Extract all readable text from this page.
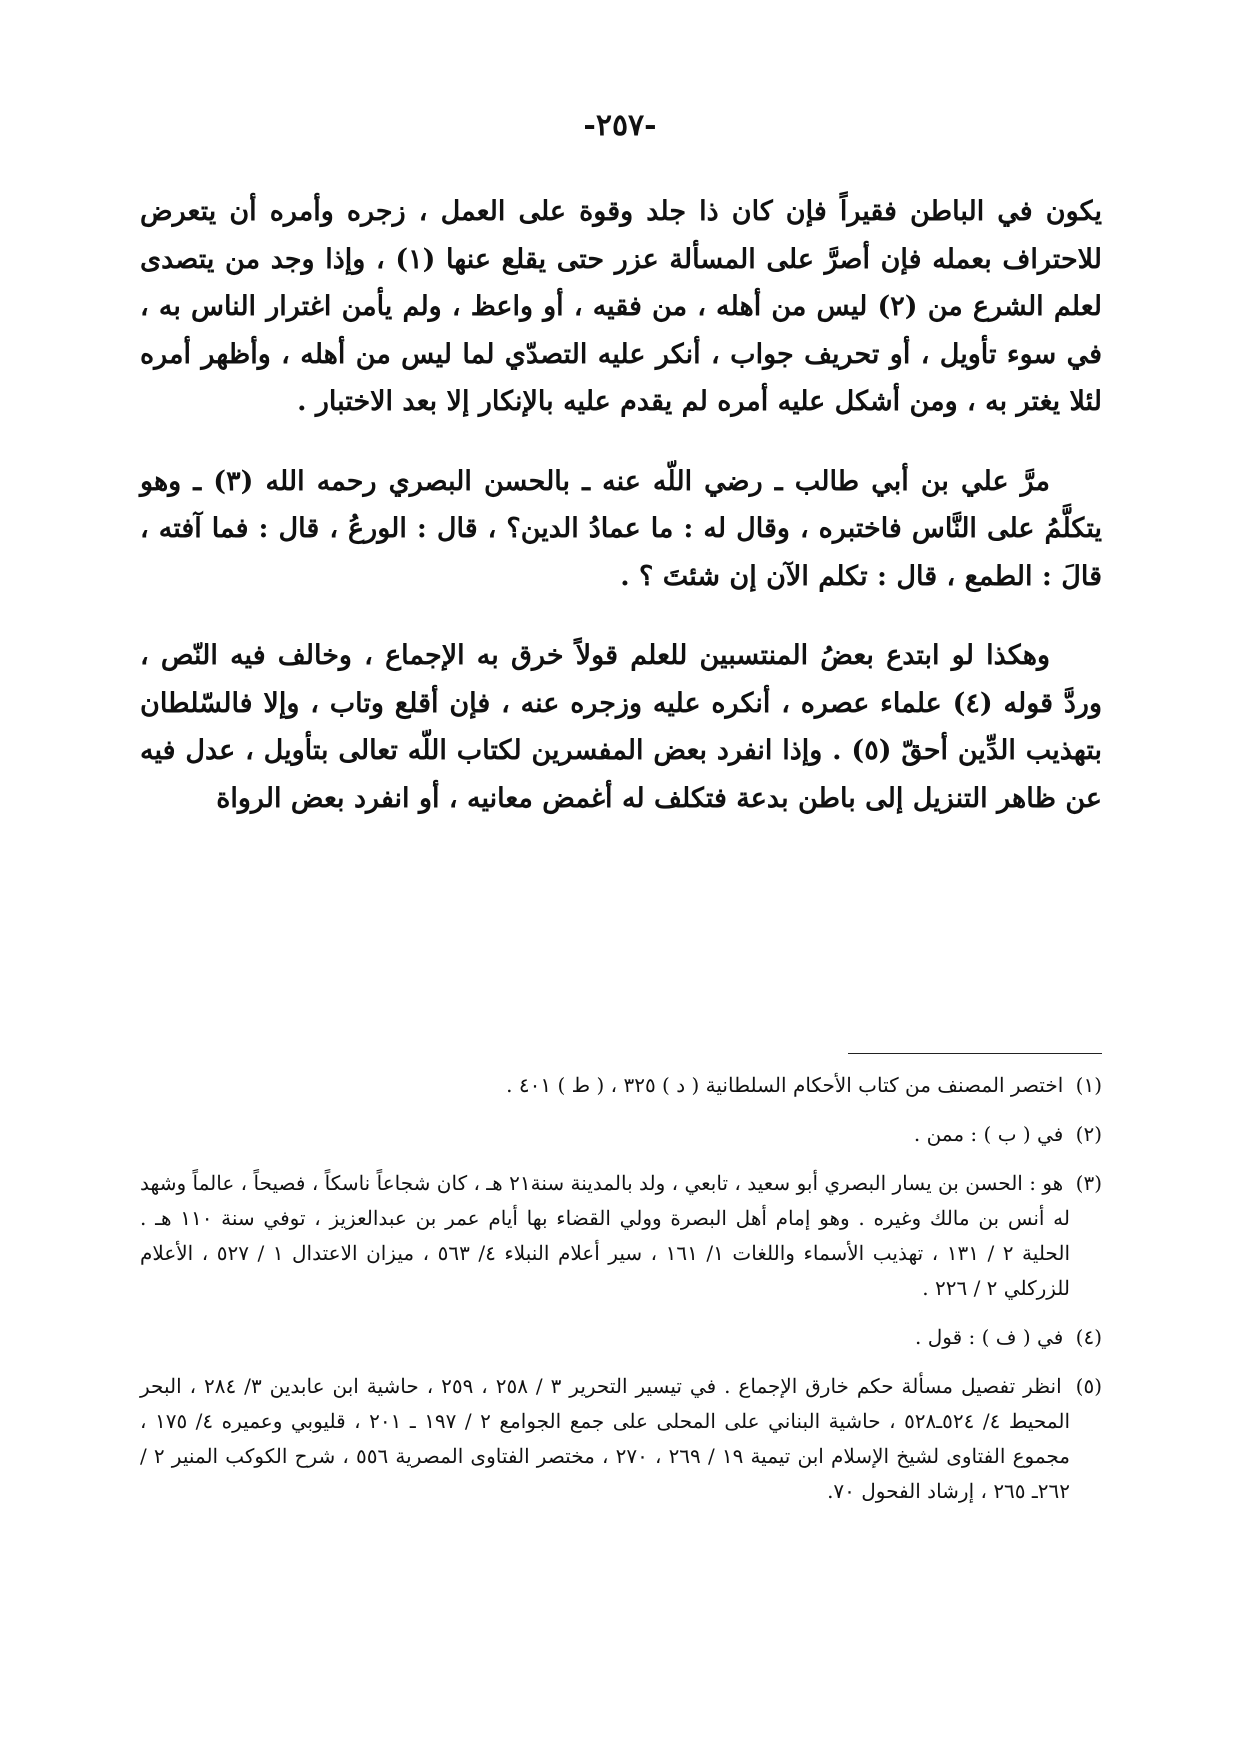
-٢٥٧-

يكون في الباطن فقيراً فإن كان ذا جلد وقوة على العمل ، زجره وأمره أن يتعرض للاحتراف بعمله فإن أصرَّ على المسألة عزر حتى يقلع عنها (١) ، وإذا وجد من يتصدى لعلم الشرع من (٢) ليس من أهله ، من فقيه ، أو واعظ ، ولم يأمن اغترار الناس به ، في سوء تأويل ، أو تحريف جواب ، أنكر عليه التصدّي لما ليس من أهله ، وأظهر أمره لئلا يغتر به ، ومن أشكل عليه أمره لم يقدم عليه بالإنكار إلا بعد الاختبار .

مرَّ علي بن أبي طالب ـ رضي اللّه عنه ـ بالحسن البصري رحمه الله (٣) ـ وهو يتكلَّمُ على النَّاس فاختبره ، وقال له : ما عمادُ الدين؟ ، قال : الورعُ ، قال : فما آفته ، قالَ : الطمع ، قال : تكلم الآن إن شئتَ ؟ .

وهكذا لو ابتدع بعضُ المنتسبين للعلم قولاً خرق به الإجماع ، وخالف فيه النّص ، وردَّ قوله (٤) علماء عصره ، أنكره عليه وزجره عنه ، فإن أقلع وتاب ، وإلا فالسّلطان بتهذيب الدِّين أحقّ (٥) . وإذا انفرد بعض المفسرين لكتاب اللّه تعالى بتأويل ، عدل فيه عن ظاهر التنزيل إلى باطن بدعة فتكلف له أغمض معانيه ، أو انفرد بعض الرواة

(١) اختصر المصنف من كتاب الأحكام السلطانية ( د ) ٣٢٥ ، ( ط ) ٤٠١ .
(٢) في ( ب ) : ممن .
(٣) هو : الحسن بن يسار البصري أبو سعيد ، تابعي ، ولد بالمدينة سنة٢١ هـ ، كان شجاعاً ناسكاً ، فصيحاً ، عالماً وشهد له أنس بن مالك وغيره . وهو إمام أهل البصرة وولي القضاء بها أيام عمر بن عبدالعزيز ، توفي سنة ١١٠ هـ . الحلية ٢ / ١٣١ ، تهذيب الأسماء واللغات ١/ ١٦١ ، سير أعلام النبلاء ٤/ ٥٦٣ ، ميزان الاعتدال ١ / ٥٢٧ ، الأعلام للزركلي ٢ / ٢٢٦ .
(٤) في ( ف ) : قول .
(٥) انظر تفصيل مسألة حكم خارق الإجماع . في تيسير التحرير ٣ / ٢٥٨ ، ٢٥٩ ، حاشية ابن عابدين ٣/ ٢٨٤ ، البحر المحيط ٤/ ٥٢٤ـ٥٢٨ ، حاشية البناني على المحلى على جمع الجوامع ٢ / ١٩٧ ـ ٢٠١ ، قليوبي وعميره ٤/ ١٧٥ ، مجموع الفتاوى لشيخ الإسلام ابن تيمية ١٩ / ٢٦٩ ، ٢٧٠ ، مختصر الفتاوى المصرية ٥٥٦ ، شرح الكوكب المنير ٢ / ٢٦٢ـ ٢٦٥ ، إرشاد الفحول ٧٠.
